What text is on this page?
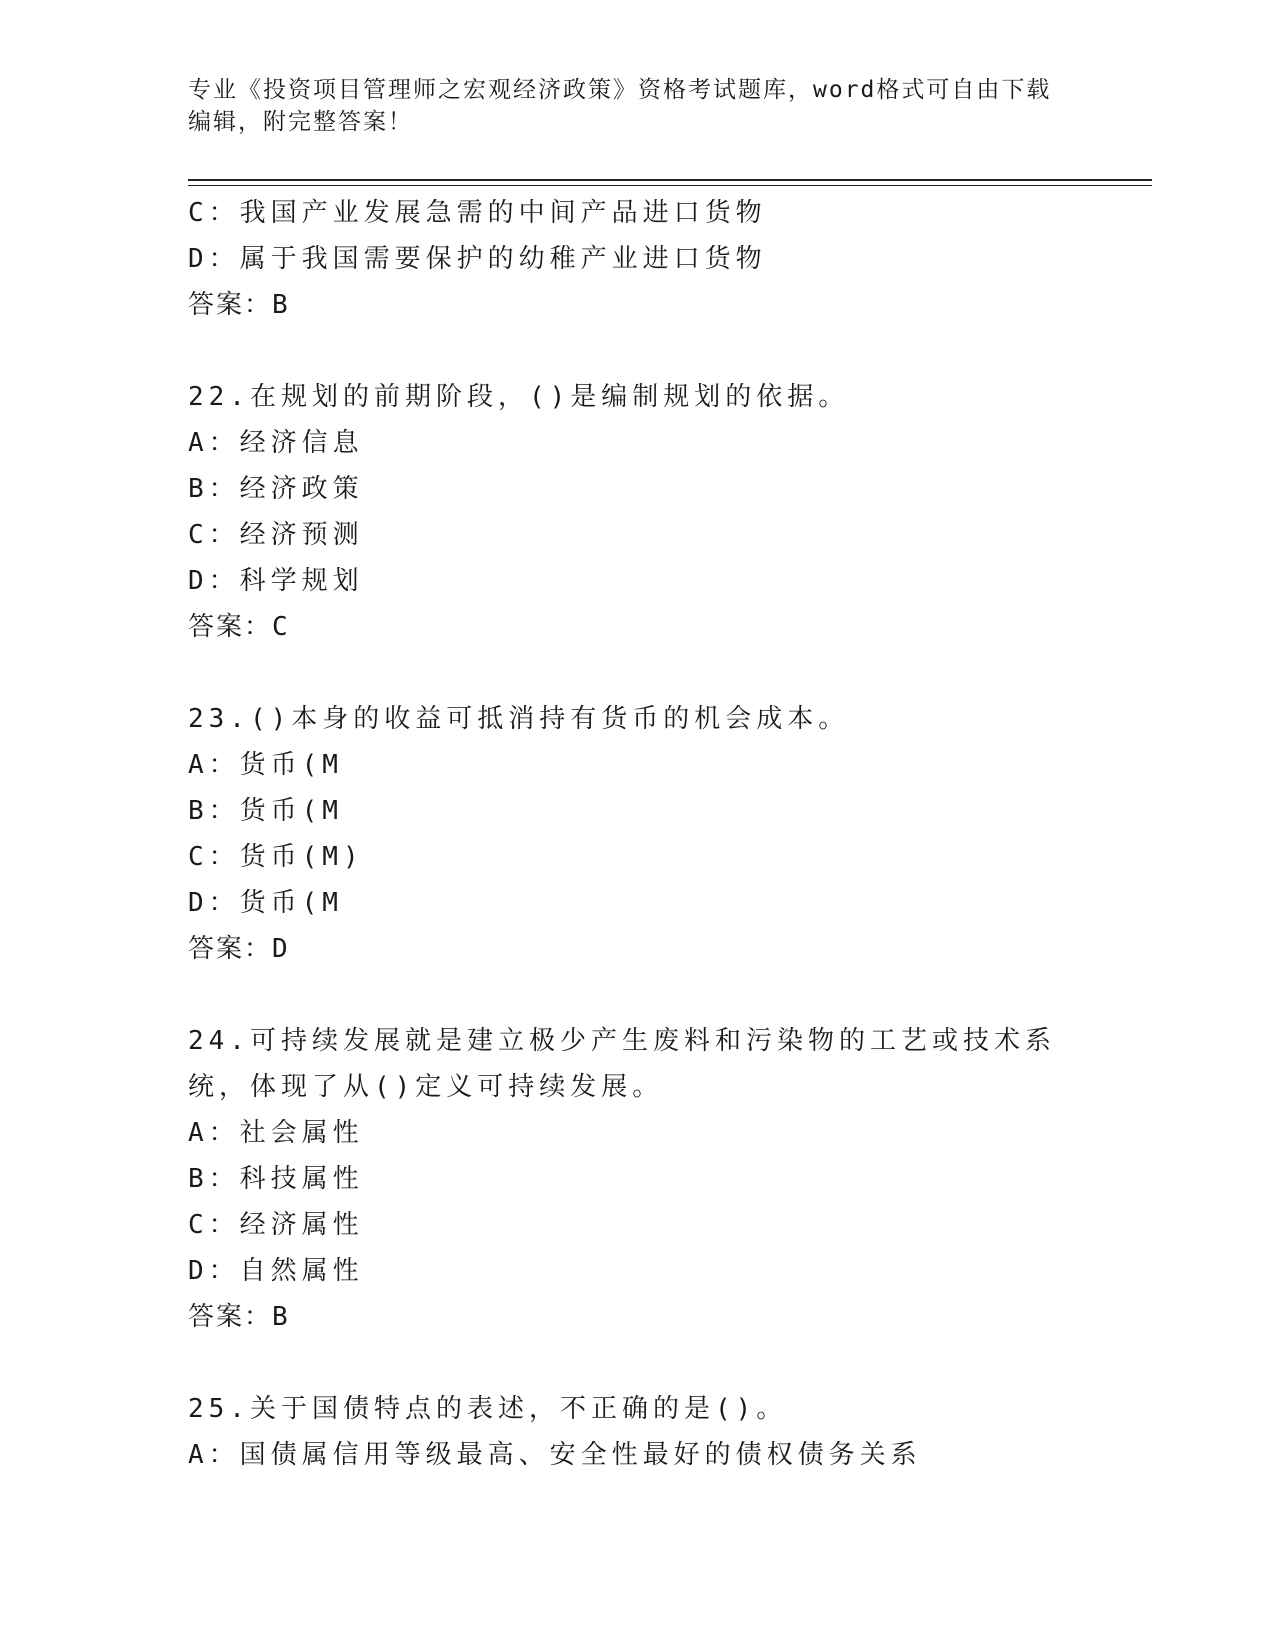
专业《投资项目管理师之宏观经济政策》资格考试题库，word格式可自由下载编辑，附完整答案！
C：我国产业发展急需的中间产品进口货物
D：属于我国需要保护的幼稚产业进口货物
答案：B
22.在规划的前期阶段，()是编制规划的依据。
A：经济信息
B：经济政策
C：经济预测
D：科学规划
答案：C
23.()本身的收益可抵消持有货币的机会成本。
A：货币(M
B：货币(M
C：货币(M)
D：货币(M
答案：D
24.可持续发展就是建立极少产生废料和污染物的工艺或技术系统，体现了从()定义可持续发展。
A：社会属性
B：科技属性
C：经济属性
D：自然属性
答案：B
25.关于国债特点的表述，不正确的是()。
A：国债属信用等级最高、安全性最好的债权债务关系
